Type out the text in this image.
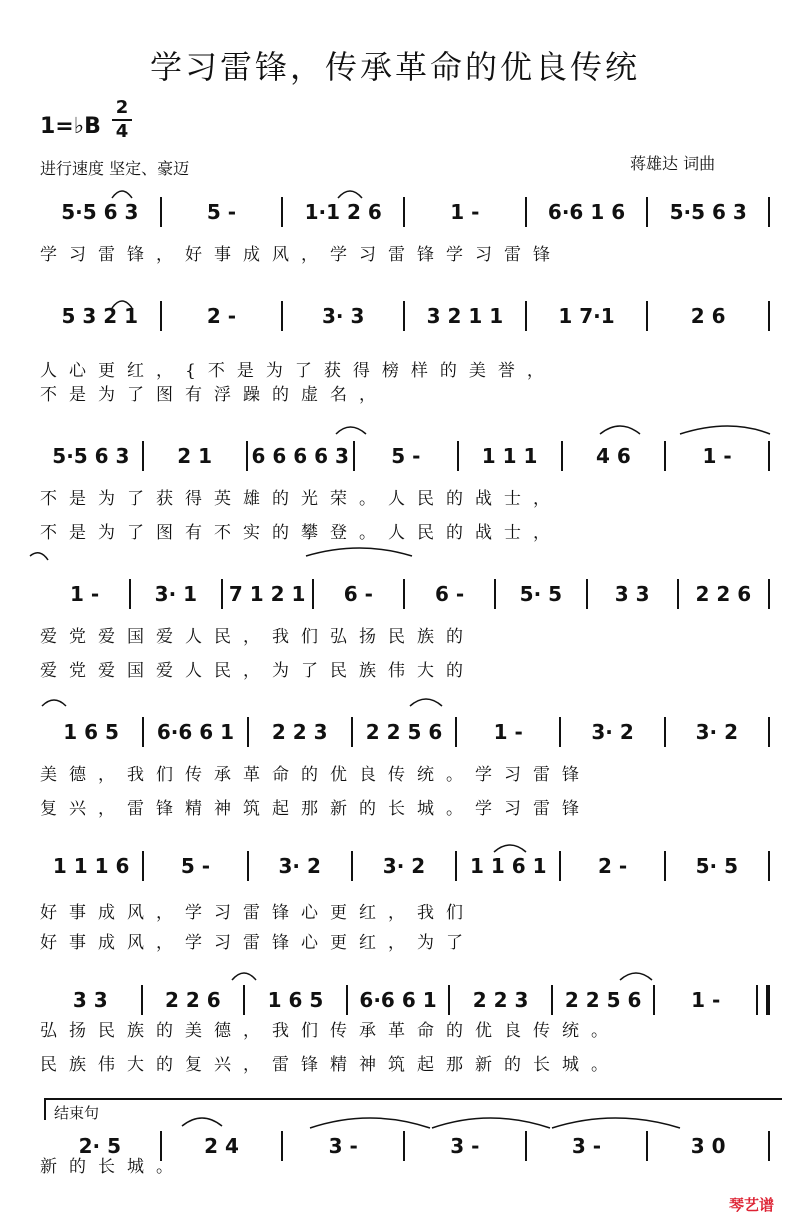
学习雷锋，传承革命的优良传统
1=♭B
2
4
进行速度 坚定、豪迈	蒋雄达 词曲
5·5 6 3	5 -	1·1 2 6	1 -	6·6 1 6	5·5 6 3
学习雷锋，好事成风，学习雷锋学习雷锋
5 3 2 1	2 -	3· 3	3 2 1 1	1 7·1	2 6
人心更红，{不是为了获得榜样的美誉，
不是为了图有浮躁的虚名，
5·5 6 3	2 1	6 6 6 6 3	5 -	1 1 1	4 6	1 -
不是为了获得英雄的光荣。人民的战士，
不是为了图有不实的攀登。人民的战士，
1 -	3· 1	7 1 2 1	6 -	6 -	5· 5	3 3	2 2 6
爱党爱国爱人民，我们弘扬民族的
爱党爱国爱人民，为了民族伟大的
1 6 5	6·6 6 1	2 2 3	2 2 5 6	1 -	3· 2	3· 2
美德，我们传承革命的优良传统。学习雷锋
复兴，雷锋精神筑起那新的长城。学习雷锋
1 1 1 6	5 -	3· 2	3· 2	1 1 6 1	2 -	5· 5
好事成风，学习雷锋心更红，我们
好事成风，学习雷锋心更红，为了
3 3	2 2 6	1 6 5	6·6 6 1	2 2 3	2 2 5 6	1 -
弘扬民族的美德，我们传承革命的优良传统。
民族伟大的复兴，雷锋精神筑起那新的长城。
2· 5	2 4	3 -	3 -	3 -	3 0
新的长城。
结束句
琴艺谱
